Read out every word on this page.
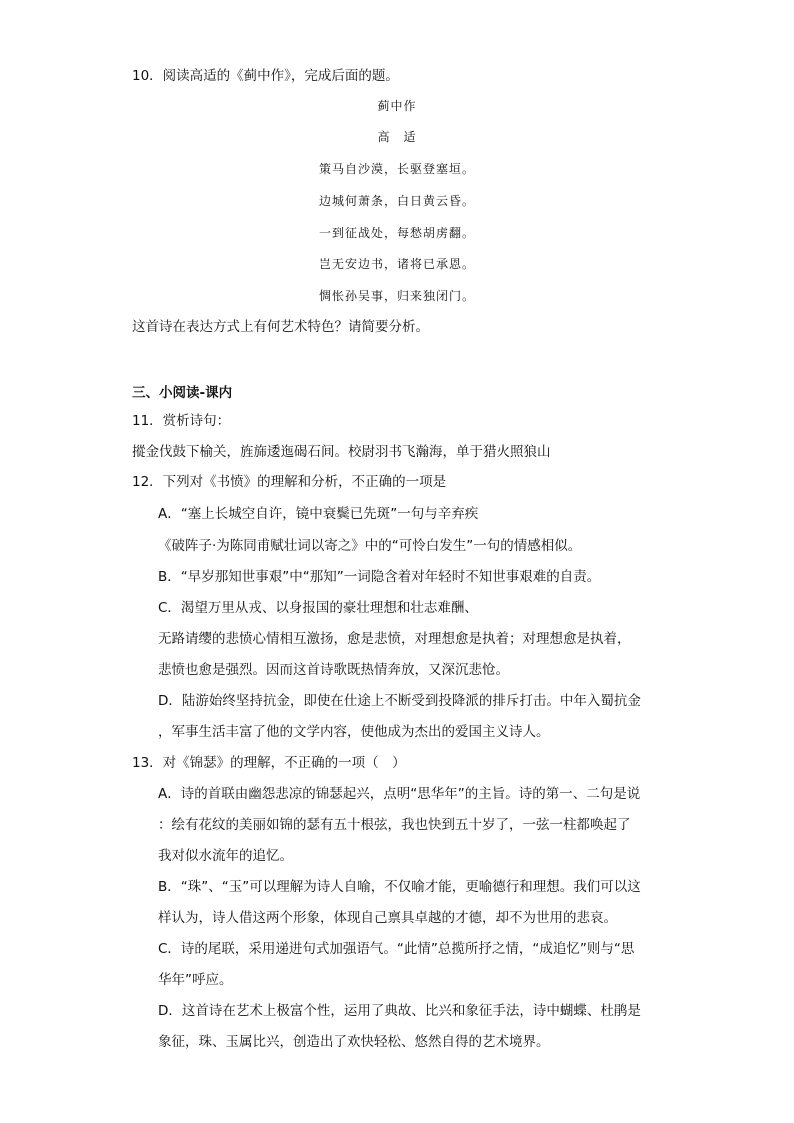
10．阅读高适的《蓟中作》，完成后面的题。
蓟中作
高　适
策马自沙漠，长驱登塞垣。
边城何萧条，白日黄云昏。
一到征战处，每愁胡虏翻。
岂无安边书，诸将已承恩。
惆怅孙吴事，归来独闭门。
这首诗在表达方式上有何艺术特色？请简要分析。
三、小阅读-课内
11．赏析诗句：
摐金伐鼓下榆关，旌旆逶迤碣石间。校尉羽书飞瀚海，单于猎火照狼山
12．下列对《书愤》的理解和分析，不正确的一项是
A．“塞上长城空自许，镜中衰鬓已先斑”一句与辛弃疾
《破阵子·为陈同甫赋壮词以寄之》中的“可怜白发生”一句的情感相似。
B．“早岁那知世事艰”中“那知”一词隐含着对年轻时不知世事艰难的自责。
C．渴望万里从戎、以身报国的豪壮理想和壮志难酬、
无路请缨的悲愤心情相互激扬，愈是悲愤，对理想愈是执着；对理想愈是执着，
悲愤也愈是强烈。因而这首诗歌既热情奔放，又深沉悲怆。
D．陆游始终坚持抗金，即使在仕途上不断受到投降派的排斥打击。中年入蜀抗金
，军事生活丰富了他的文学内容，使他成为杰出的爱国主义诗人。
13．对《锦瑟》的理解，不正确的一项（　）
A．诗的首联由幽怨悲凉的锦瑟起兴，点明“思华年”的主旨。诗的第一、二句是说
：绘有花纹的美丽如锦的瑟有五十根弦，我也快到五十岁了，一弦一柱都唤起了
我对似水流年的追忆。
B．“珠”、“玉”可以理解为诗人自喻，不仅喻才能，更喻德行和理想。我们可以这
样认为，诗人借这两个形象，体现自己禀具卓越的才德，却不为世用的悲哀。
C．诗的尾联，采用递进句式加强语气。“此情”总揽所抒之情，“成追忆”则与“思
华年”呼应。
D．这首诗在艺术上极富个性，运用了典故、比兴和象征手法，诗中蝴蝶、杜鹃是
象征，珠、玉属比兴，创造出了欢快轻松、悠然自得的艺术境界。
